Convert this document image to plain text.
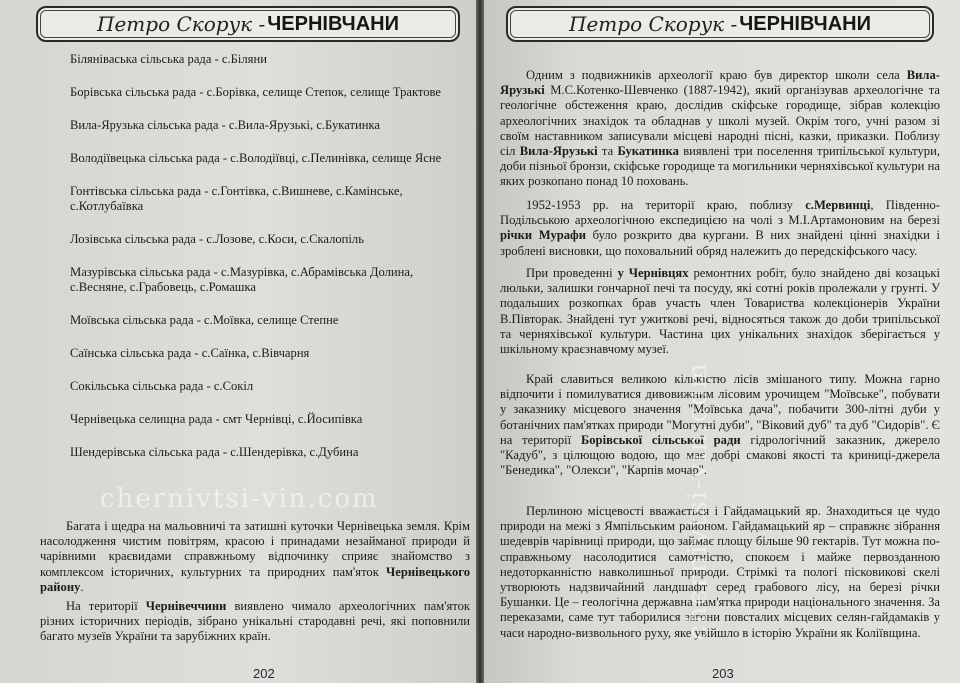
Петро Скорук - ЧЕРНІВЧАНИ
Біляніваська сільська рада - с.Біляни
Борівська сільська рада - с.Борівка, селище Степок, селище Трактове
Вила-Ярузька сільська рада - с.Вила-Ярузькі, с.Букатинка
Володіївецька сільська рада - с.Володіївці, с.Пелинівка, селище Ясне
Гонтівська сільська рада - с.Гонтівка, с.Вишневе, с.Камінське, с.Котлубаївка
Лозівська сільська рада - с.Лозове, с.Коси, с.Скалопіль
Мазурівська сільська рада - с.Мазурівка, с.Абрамівська Долина, с.Весняне, с.Грабовець, с.Ромашка
Моївська сільська рада - с.Моївка, селище Степне
Саїнська сільська рада - с.Саїнка, с.Вівчарня
Сокільська сільська рада - с.Сокіл
Чернівецька селищна рада - смт Чернівці, с.Йосипівка
Шендерівська сільська рада - с.Шендерівка, с.Дубина
chernivtsi-vin.com

Багата і щедра на мальовничі та затишні куточки Чернівецька земля. Крім насолодження чистим повітрям, красою і принадами незайманої природи й чарівними краєвидами справжньому відпочинку сприяє знайомство з комплексом історичних, культурних та природних пам'яток Чернівецького району.

На території Чернівеччини виявлено чимало археологічних пам'яток різних історичних періодів, зібрано унікальні стародавні речі, які поповнили багато музеїв України та зарубіжних країн.

202
Петро Скорук - ЧЕРНІВЧАНИ

Одним з подвижників археології краю був директор школи села Вила-Ярузькі М.С.Котенко-Шевченко (1887-1942), який організував археологічне та геологічне обстеження краю, дослідив скіфське городище, зібрав колекцію археологічних знахідок та обладнав у школі музей. Окрім того, учні разом зі своїм наставником записували місцеві народні пісні, казки, приказки. Поблизу сіл Вила-Ярузькі та Букатинка виявлені три поселення трипільської культури, доби пізньої бронзи, скіфське городище та могильники черняхівської культури на яких розкопано понад 10 поховань.

1952-1953 рр. на території краю, поблизу с.Мервинці, Південно-Подільською археологічною експедицією на чолі з М.І.Артамоновим на березі річки Мурафи було розкрито два кургани. В них знайдені цінні знахідки і зроблені висновки, що поховальний обряд належить до передскіфського часу.

При проведенні у Чернівцях ремонтних робіт, було знайдено дві козацькі люльки, залишки гончарної печі та посуду, які сотні років пролежали у грунті. У подальших розкопках брав участь член Товариства колекціонерів України В.Півторак. Знайдені тут ужиткові речі, відносяться також до доби трипільської та черняхівської культури. Частина цих унікальних знахідок зберігається у шкільному краєзнавчому музеї.

Край славиться великою кількістю лісів змішаного типу. Можна гарно відпочити і помилуватися дивовижним лісовим урочищем "Моївське", побувати у заказнику місцевого значення "Моївська дача", побачити 300-літні дуби у ботанічних пам'ятках природи "Могутні дуби", "Віковий дуб" та дуб "Сидорів". Є на території Борівської сільської ради гідрологічний заказник, джерело "Кадуб", з цілющою водою, що має добрі смакові якості та криниці-джерела "Бенедика", "Олекси", "Карпів мочар".

Перлиною місцевості вважається і Гайдамацький яр. Знаходиться це чудо природи на межі з Ямпільським районом. Гайдамацький яр – справжнє зібрання шедеврів чарівниці природи, що займає площу більше 90 гектарів. Тут можна по-справжньому насолодитися самотністю, спокоєм і майже первозданною недоторканністю навколишньої природи. Стрімкі та пологі пісковикові скелі утворюють надзвичайний ландшафт серед грабового лісу, на березі річки Бушанки. Це – геологічна державна пам'ятка природи національного значення. За переказами, саме тут таборилися загони повсталих місцевих селян-гайдамаків у часи народно-визвольного руху, яке увійшло в історію України як Коліївщина.

203
chernivtsi-vin.com
